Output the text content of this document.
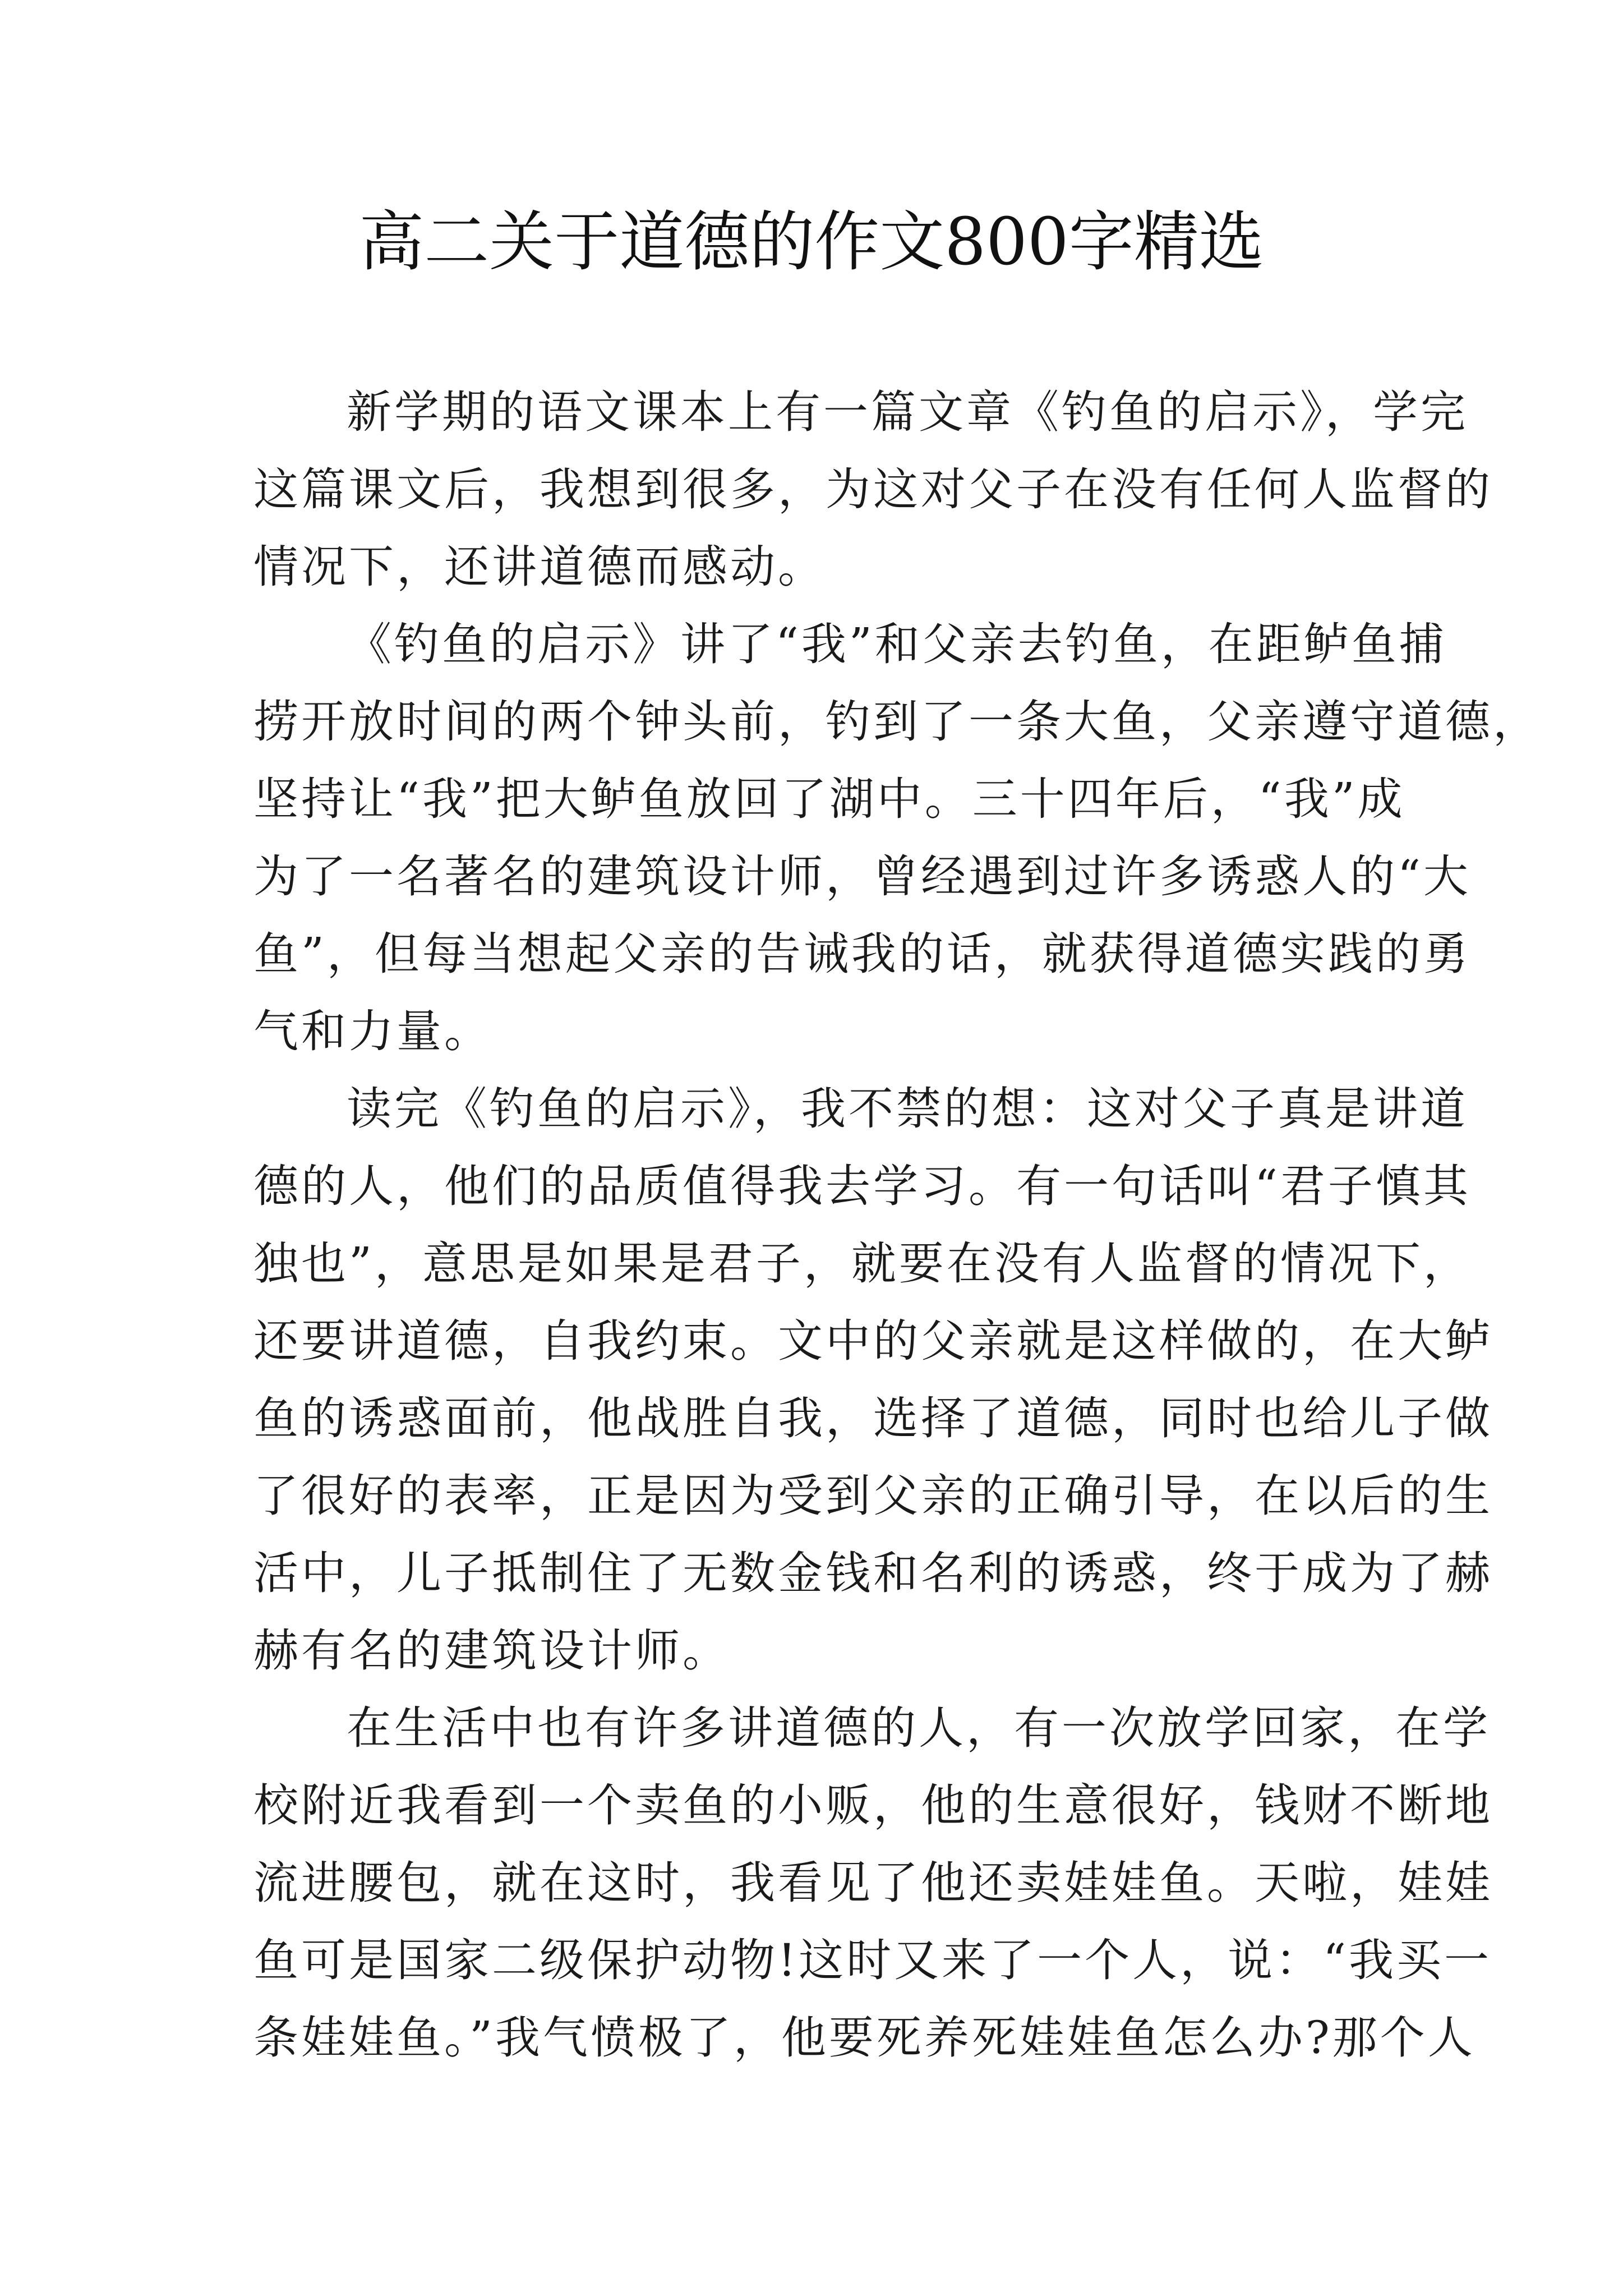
高二关于道德的作文800字精选
新学期的语文课本上有一篇文章《钓鱼的启示》，学完
这篇课文后，我想到很多，为这对父子在没有任何人监督的
情况下，还讲道德而感动。
《钓鱼的启示》讲了“我”和父亲去钓鱼，在距鲈鱼捕
捞开放时间的两个钟头前，钓到了一条大鱼，父亲遵守道德，
坚持让“我”把大鲈鱼放回了湖中。三十四年后，“我”成
为了一名著名的建筑设计师，曾经遇到过许多诱惑人的“大
鱼”，但每当想起父亲的告诫我的话，就获得道德实践的勇
气和力量。
读完《钓鱼的启示》，我不禁的想：这对父子真是讲道
德的人，他们的品质值得我去学习。有一句话叫“君子慎其
独也”，意思是如果是君子，就要在没有人监督的情况下，
还要讲道德，自我约束。文中的父亲就是这样做的，在大鲈
鱼的诱惑面前，他战胜自我，选择了道德，同时也给儿子做
了很好的表率，正是因为受到父亲的正确引导，在以后的生
活中，儿子抵制住了无数金钱和名利的诱惑，终于成为了赫
赫有名的建筑设计师。
在生活中也有许多讲道德的人，有一次放学回家，在学
校附近我看到一个卖鱼的小贩，他的生意很好，钱财不断地
流进腰包，就在这时，我看见了他还卖娃娃鱼。天啦，娃娃
鱼可是国家二级保护动物!这时又来了一个人，说：“我买一
条娃娃鱼。”我气愤极了，他要死养死娃娃鱼怎么办?那个人
